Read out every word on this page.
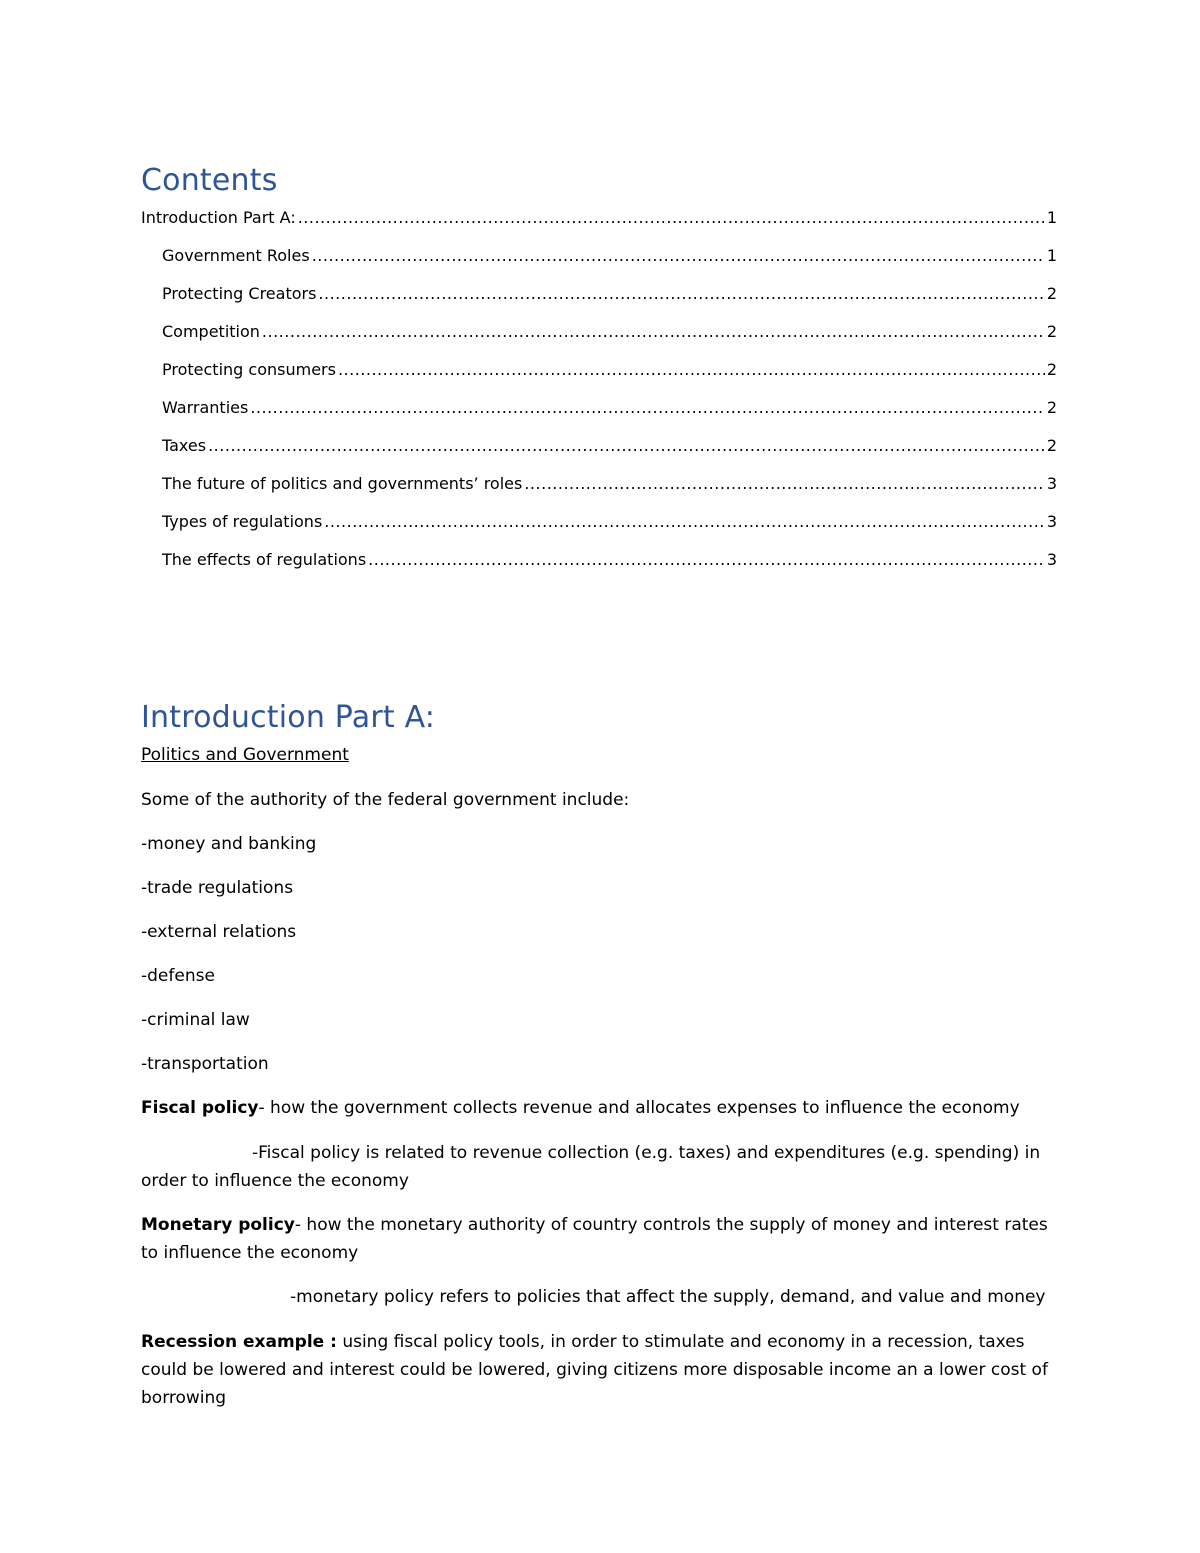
Contents
Introduction Part A: .....	1
Government Roles .....	1
Protecting Creators .....	2
Competition .....	2
Protecting consumers .....	2
Warranties .....	2
Taxes .....	2
The future of politics and governments’ roles .....	3
Types of regulations .....	3
The effects of regulations .....	3
Introduction Part A:

Politics and Government

Some of the authority of the federal government include:

-money and banking

-trade regulations

-external relations

-defense

-criminal law

-transportation

Fiscal policy- how the government collects revenue and allocates expenses to influence the economy

-Fiscal policy is related to revenue collection (e.g. taxes) and expenditures (e.g. spending) in order to influence the economy

Monetary policy- how the monetary authority of country controls the supply of money and interest rates to influence the economy

-monetary policy refers to policies that affect the supply, demand, and value and money

Recession example : using fiscal policy tools, in order to stimulate and economy in a recession, taxes could be lowered and interest could be lowered, giving citizens more disposable income an a lower cost of borrowing
